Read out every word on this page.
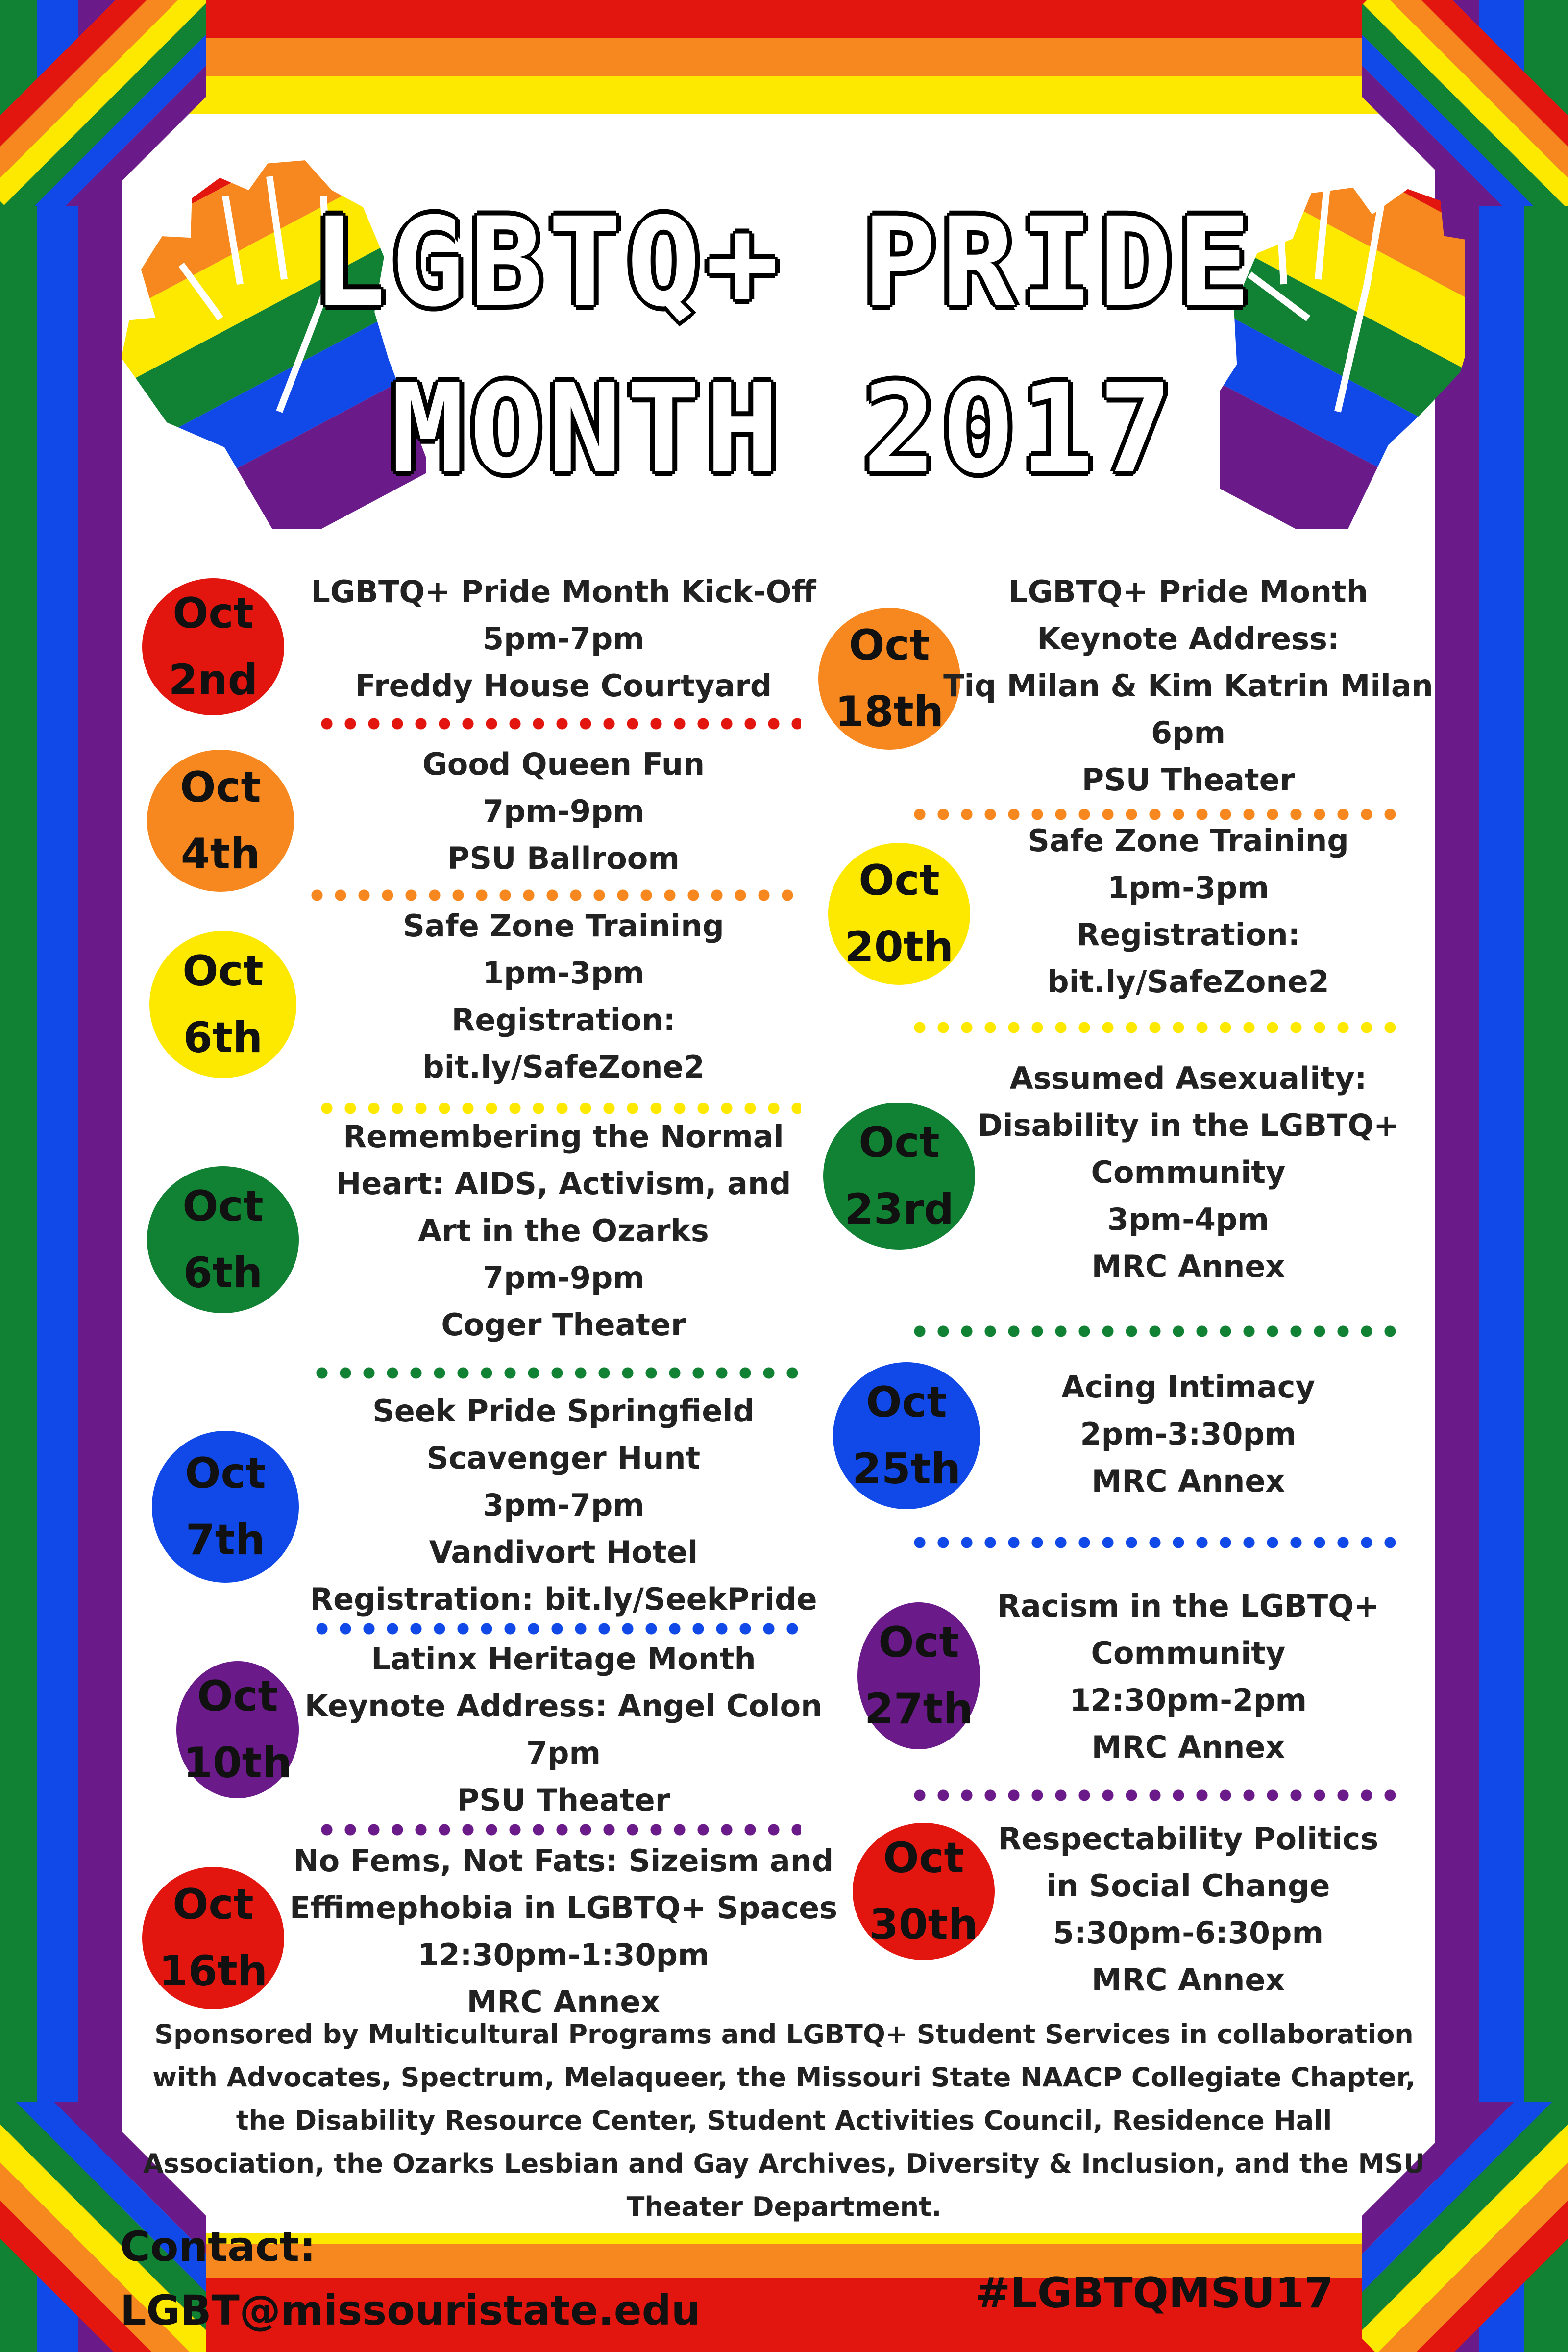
LGBTQ+ PRIDE
MONTH 2017
Oct
2nd
LGBTQ+ Pride Month Kick-Off
5pm-7pm
Freddy House Courtyard
Oct
4th
Good Queen Fun
7pm-9pm
PSU Ballroom
Oct
6th
Safe Zone Training
1pm-3pm
Registration:
bit.ly/SafeZone2
Oct
6th
Remembering the Normal
Heart: AIDS, Activism, and
Art in the Ozarks
7pm-9pm
Coger Theater
Oct
7th
Seek Pride Springfield
Scavenger Hunt
3pm-7pm
Vandivort Hotel
Registration: bit.ly/SeekPride
Oct
10th
Latinx Heritage Month
Keynote Address: Angel Colon
7pm
PSU Theater
Oct
16th
No Fems, Not Fats: Sizeism and
Effimephobia in LGBTQ+ Spaces
12:30pm-1:30pm
MRC Annex
Oct
18th
LGBTQ+ Pride Month
Keynote Address:
Tiq Milan & Kim Katrin Milan
6pm
PSU Theater
Oct
20th
Safe Zone Training
1pm-3pm
Registration:
bit.ly/SafeZone2
Oct
23rd
Assumed Asexuality:
Disability in the LGBTQ+
Community
3pm-4pm
MRC Annex
Oct
25th
Acing Intimacy
2pm-3:30pm
MRC Annex
Oct
27th
Racism in the LGBTQ+
Community
12:30pm-2pm
MRC Annex
Oct
30th
Respectability Politics
in Social Change
5:30pm-6:30pm
MRC Annex
Sponsored by Multicultural Programs and LGBTQ+ Student Services in collaboration
with Advocates, Spectrum, Melaqueer, the Missouri State NAACP Collegiate Chapter,
the Disability Resource Center, Student Activities Council, Residence Hall
Association, the Ozarks Lesbian and Gay Archives, Diversity & Inclusion, and the MSU
Theater Department.
Contact:
LGBT@missouristate.edu	#LGBTQMSU17
